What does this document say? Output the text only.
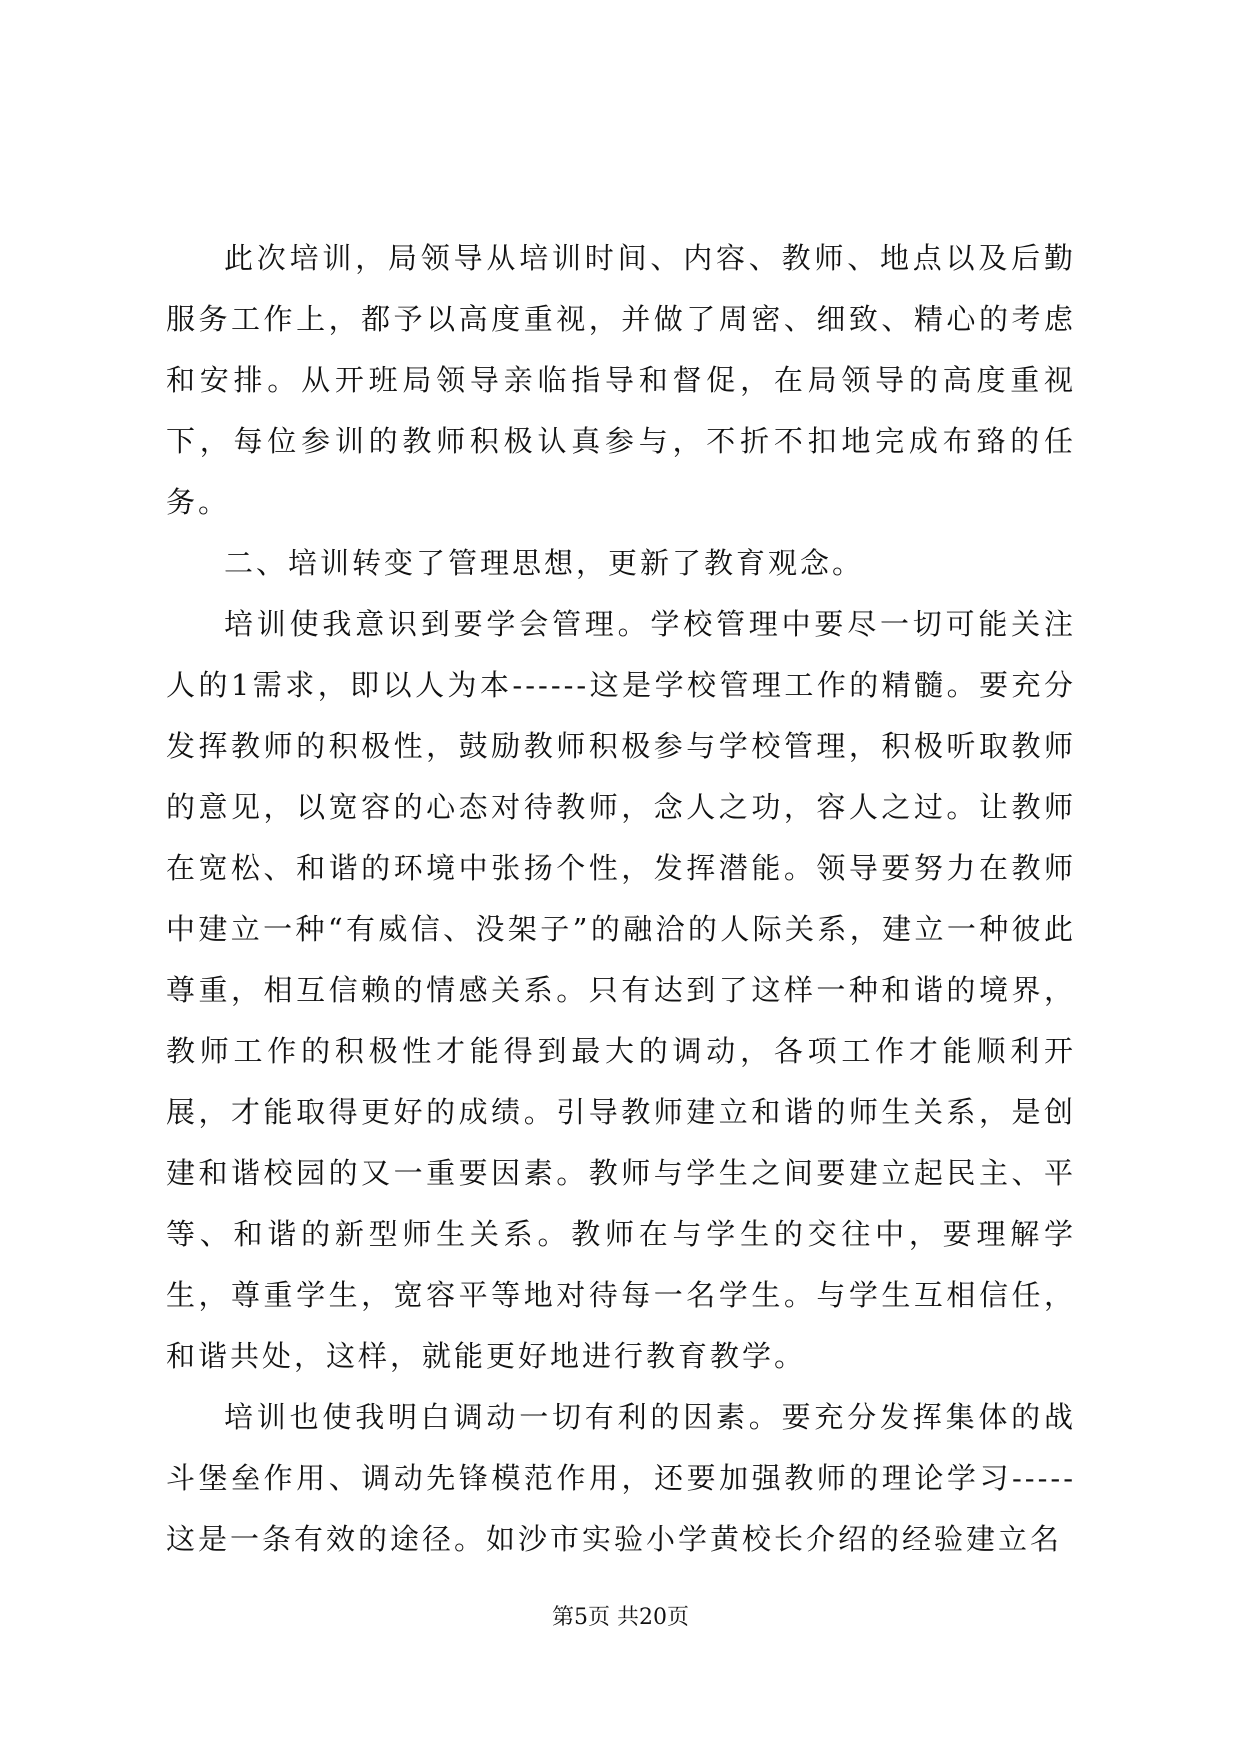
此次培训，局领导从培训时间、内容、教师、地点以及后勤服务工作上，都予以高度重视，并做了周密、细致、精心的考虑和安排。从开班局领导亲临指导和督促，在局领导的高度重视下，每位参训的教师积极认真参与，不折不扣地完成布臵的任务。

二、培训转变了管理思想，更新了教育观念。

培训使我意识到要学会管理。学校管理中要尽一切可能关注人的1需求，即以人为本------这是学校管理工作的精髓。要充分发挥教师的积极性，鼓励教师积极参与学校管理，积极听取教师的意见，以宽容的心态对待教师，念人之功，容人之过。让教师在宽松、和谐的环境中张扬个性，发挥潜能。领导要努力在教师中建立一种“有威信、没架子”的融洽的人际关系，建立一种彼此尊重，相互信赖的情感关系。只有达到了这样一种和谐的境界，教师工作的积极性才能得到最大的调动，各项工作才能顺利开展，才能取得更好的成绩。引导教师建立和谐的师生关系，是创建和谐校园的又一重要因素。教师与学生之间要建立起民主、平等、和谐的新型师生关系。教师在与学生的交往中，要理解学生，尊重学生，宽容平等地对待每一名学生。与学生互相信任，和谐共处，这样，就能更好地进行教育教学。

培训也使我明白调动一切有利的因素。要充分发挥集体的战斗堡垒作用、调动先锋模范作用，还要加强教师的理论学习-----这是一条有效的途径。如沙市实验小学黄校长介绍的经验建立名

第5页 共20页
